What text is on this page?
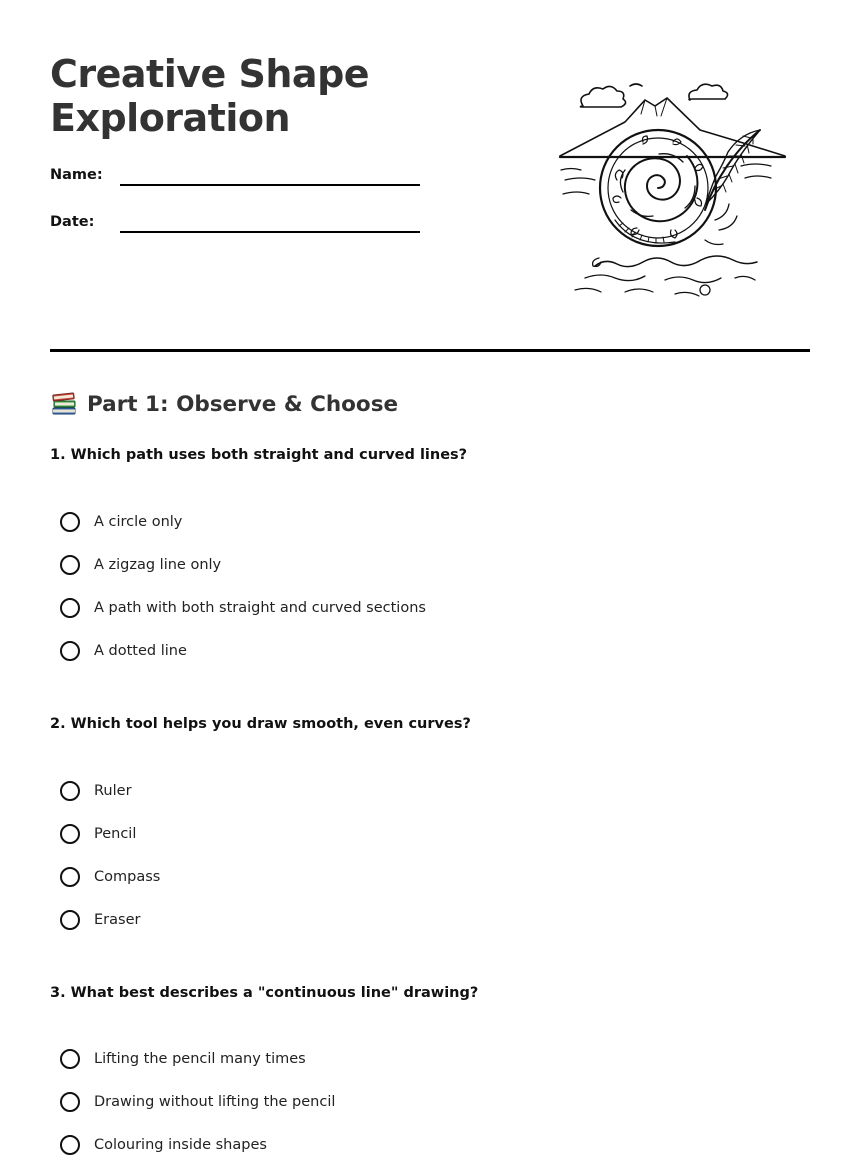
Creative Shape Exploration
Name:
Date:
Part 1: Observe & Choose
1. Which path uses both straight and curved lines?
A circle only
A zigzag line only
A path with both straight and curved sections
A dotted line
2. Which tool helps you draw smooth, even curves?
Ruler
Pencil
Compass
Eraser
3. What best describes a "continuous line" drawing?
Lifting the pencil many times
Drawing without lifting the pencil
Colouring inside shapes
